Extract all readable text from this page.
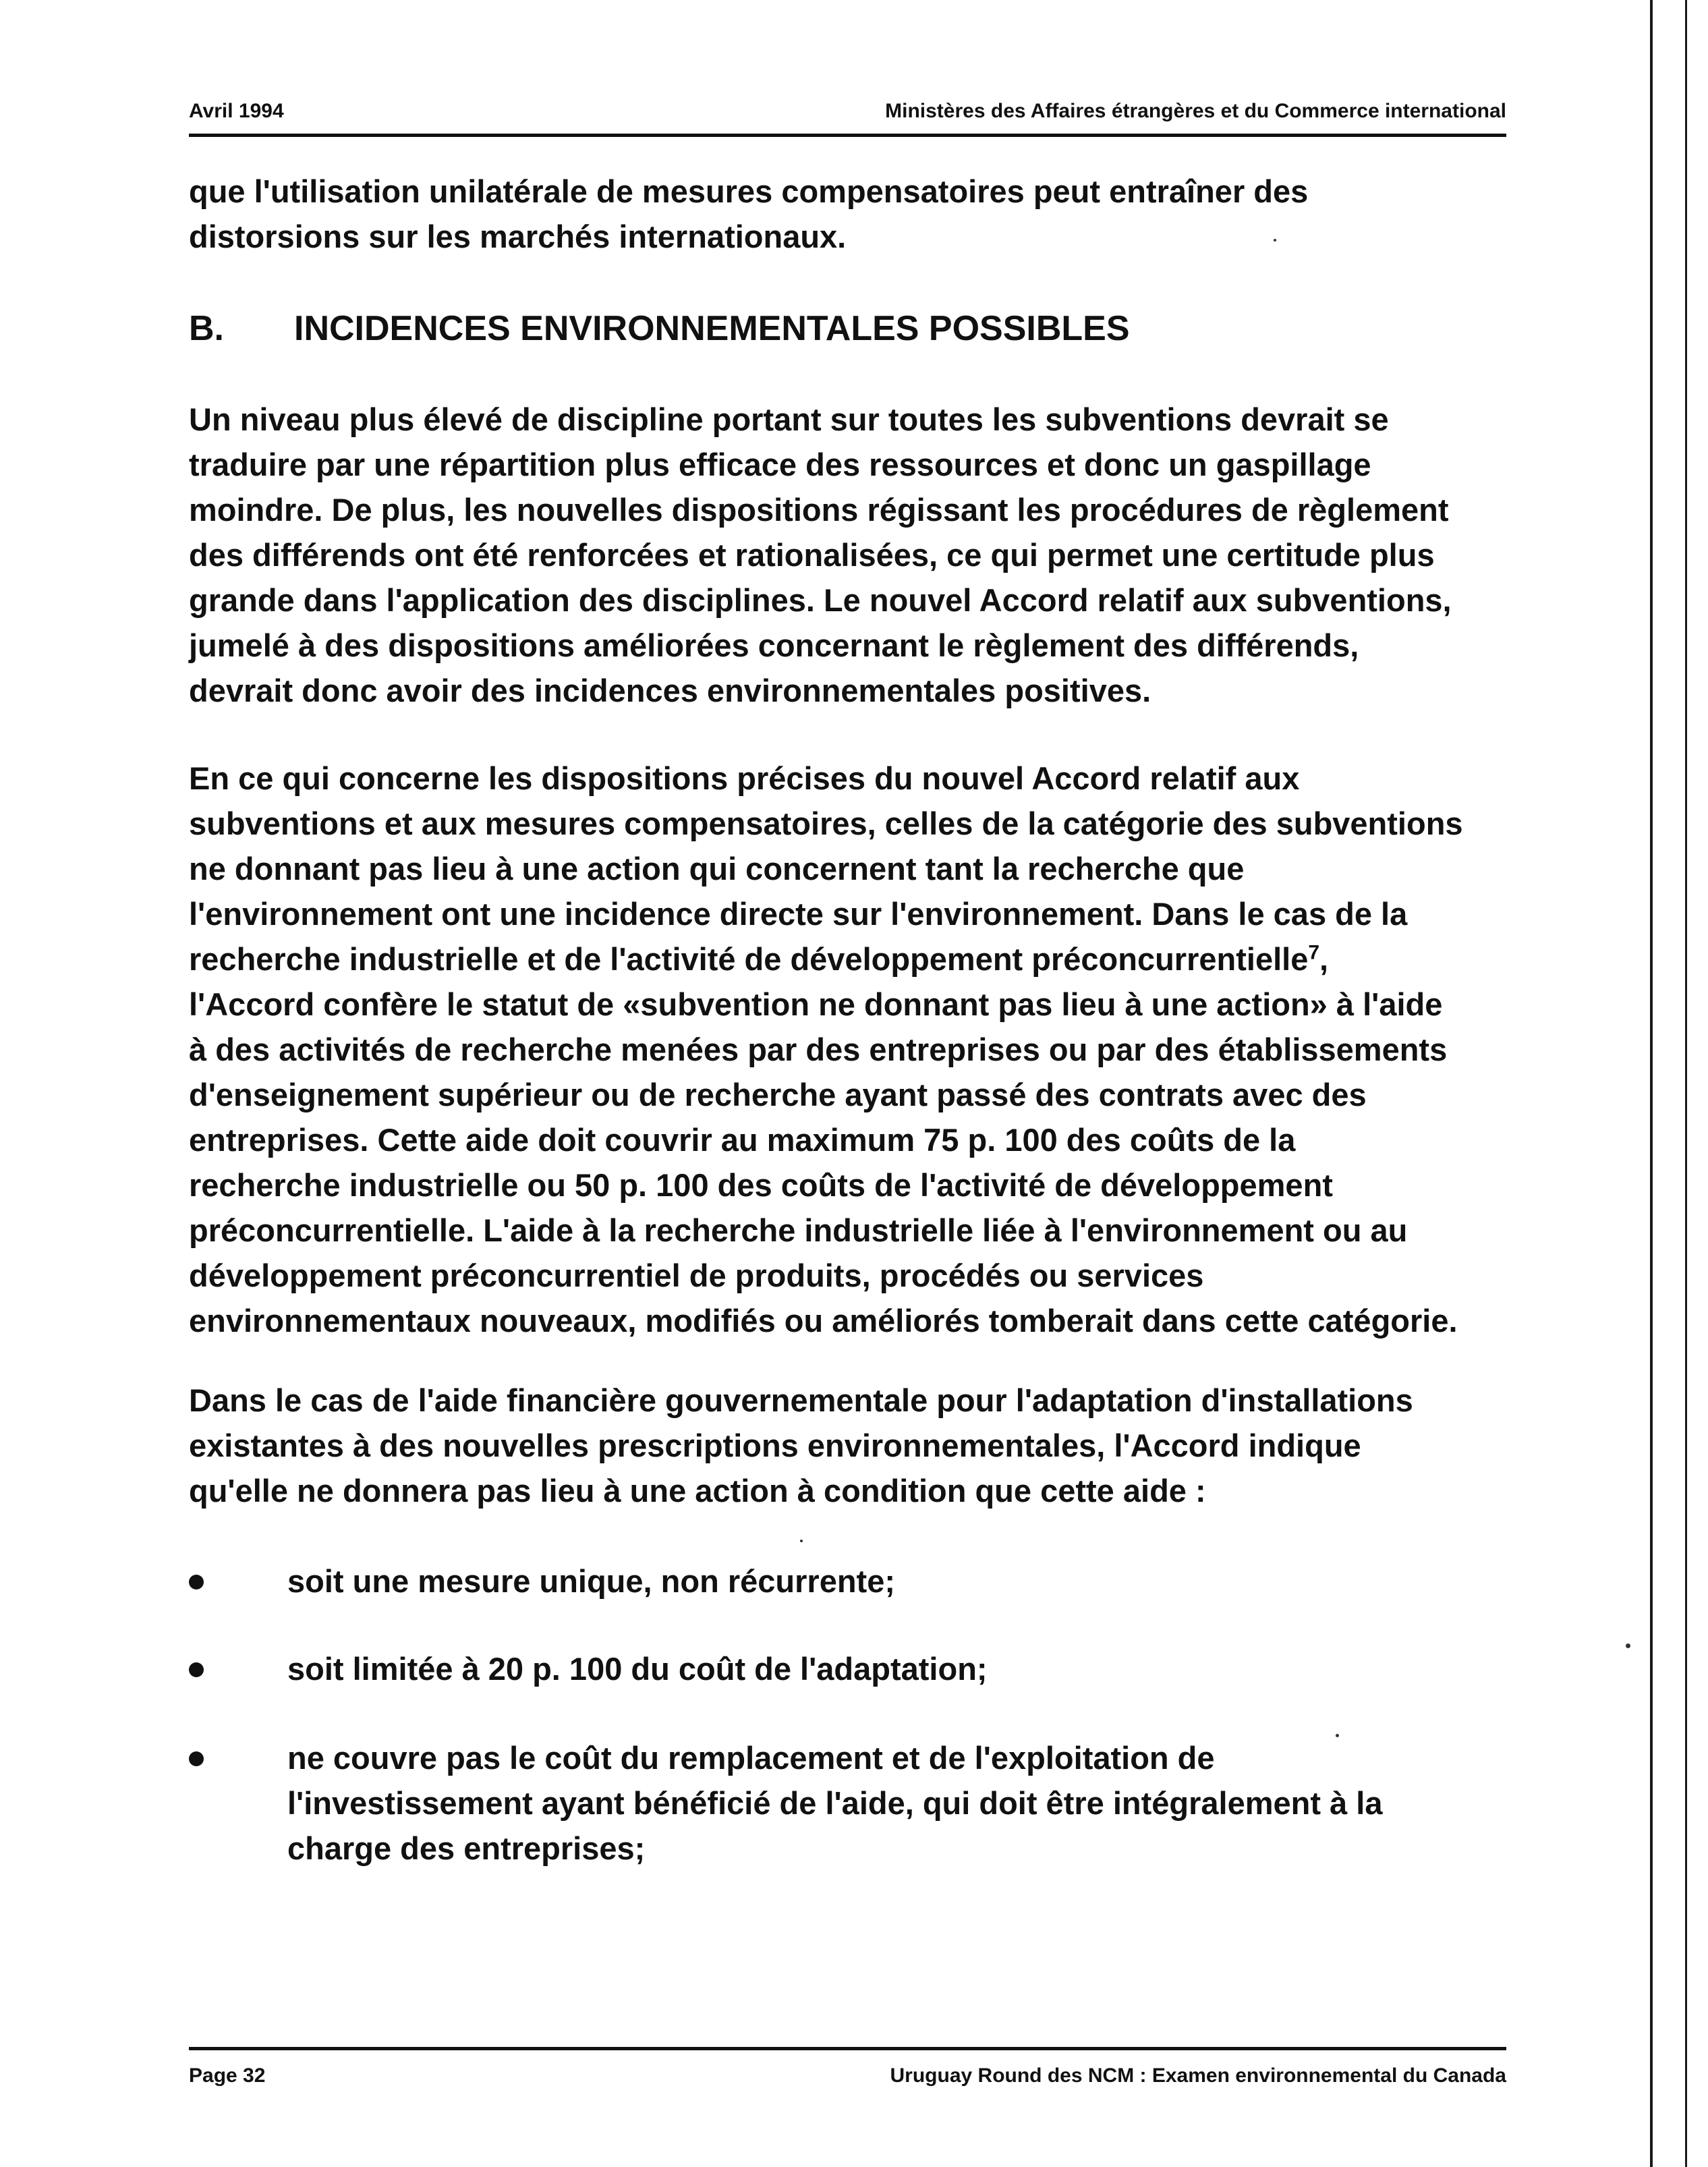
Avril 1994	Ministères des Affaires étrangères et du Commerce international
que l'utilisation unilatérale de mesures compensatoires peut entraîner des
distorsions sur les marchés internationaux.
B. INCIDENCES ENVIRONNEMENTALES POSSIBLES
Un niveau plus élevé de discipline portant sur toutes les subventions devrait se
traduire par une répartition plus efficace des ressources et donc un gaspillage
moindre. De plus, les nouvelles dispositions régissant les procédures de règlement
des différends ont été renforcées et rationalisées, ce qui permet une certitude plus
grande dans l'application des disciplines. Le nouvel Accord relatif aux subventions,
jumelé à des dispositions améliorées concernant le règlement des différends,
devrait donc avoir des incidences environnementales positives.
En ce qui concerne les dispositions précises du nouvel Accord relatif aux
subventions et aux mesures compensatoires, celles de la catégorie des subventions
ne donnant pas lieu à une action qui concernent tant la recherche que
l'environnement ont une incidence directe sur l'environnement. Dans le cas de la
recherche industrielle et de l'activité de développement préconcurrentielle$^7$,
l'Accord confère le statut de «subvention ne donnant pas lieu à une action» à l'aide
à des activités de recherche menées par des entreprises ou par des établissements
d'enseignement supérieur ou de recherche ayant passé des contrats avec des
entreprises. Cette aide doit couvrir au maximum 75 p. 100 des coûts de la
recherche industrielle ou 50 p. 100 des coûts de l'activité de développement
préconcurrentielle. L'aide à la recherche industrielle liée à l'environnement ou au
développement préconcurrentiel de produits, procédés ou services
environnementaux nouveaux, modifiés ou améliorés tomberait dans cette catégorie.
Dans le cas de l'aide financière gouvernementale pour l'adaptation d'installations
existantes à des nouvelles prescriptions environnementales, l'Accord indique
qu'elle ne donnera pas lieu à une action à condition que cette aide :
soit une mesure unique, non récurrente;
soit limitée à 20 p. 100 du coût de l'adaptation;
ne couvre pas le coût du remplacement et de l'exploitation de
l'investissement ayant bénéficié de l'aide, qui doit être intégralement à la
charge des entreprises;
Page 32	Uruguay Round des NCM : Examen environnemental du Canada
